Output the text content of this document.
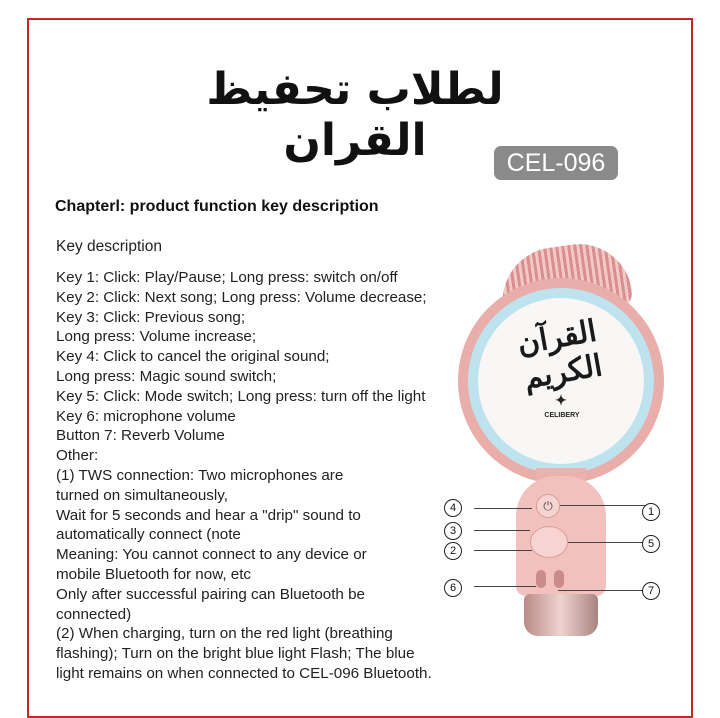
لطلاب تحفيظ القران	CEL-096
Chapterl: product function key description
Key description
Key 1: Click: Play/Pause; Long press: switch on/off
Key 2: Click: Next song; Long press: Volume decrease;
Key 3: Click: Previous song;
Long press: Volume increase;
Key 4: Click to cancel the original sound;
Long press: Magic sound switch;
Key 5: Click: Mode switch; Long press: turn off the light
Key 6: microphone volume
Button 7: Reverb Volume
Other:
(1) TWS connection: Two microphones are
turned on simultaneously,
Wait for 5 seconds and hear a "drip" sound to
automatically connect (note
Meaning: You cannot connect to any device or
mobile Bluetooth for now, etc
Only after successful pairing can Bluetooth be
connected)
(2) When charging, turn on the red light (breathing
flashing); Turn on the bright blue light Flash; The blue
light remains on when connected to CEL-096 Bluetooth.
القرآن الكريم
✦
CELIBERY
⏻	1
2
3
4
5
6	7
